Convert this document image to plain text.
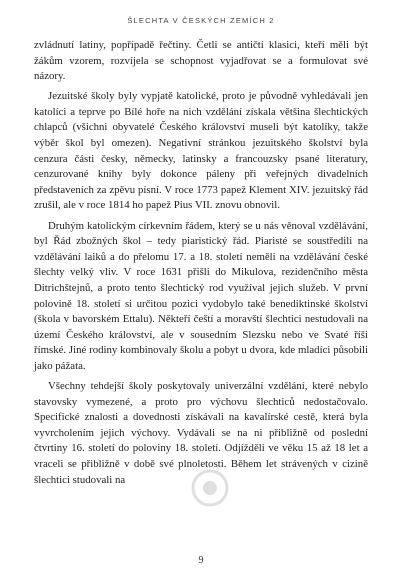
ŠLECHTA V ČESKÝCH ZEMÍCH 2

zvládnutí latiny, popřípadě řečtiny. Četli se antičtí klasici, kteří měli být žákům vzorem, rozvíjela se schopnost vyjadřovat se a formulovat své názory.

Jezuitské školy byly vypjatě katolické, proto je původně vyhledávali jen katolíci a teprve po Bílé hoře na nich vzdělání získala většina šlechtických chlapců (všichni obyvatelé Českého království museli být katolíky, takže výběr škol byl omezen). Negativní stránkou jezuitského školství byla cenzura části česky, německy, latinsky a francouzsky psané literatury, cenzurované knihy byly dokonce páleny při veřejných divadelních představeních za zpěvu písní. V roce 1773 papež Klement XIV. jezuitský řád zrušil, ale v roce 1814 ho papež Pius VII. znovu obnovil.

Druhým katolickým církevním řádem, který se u nás věnoval vzdělávání, byl Řád zbožných škol – tedy piaristický řád. Piaristé se soustředili na vzdělávání laiků a do přelomu 17. a 18. století neměli na vzdělávání české šlechty velký vliv. V roce 1631 přišli do Mikulova, rezidenčního města Ditrichštejnů, a proto tento šlechtický rod využíval jejich služeb. V první polovině 18. století si určitou pozici vydobylo také benediktinské školství (škola v bavorském Ettalu). Někteří čeští a moravští šlechtici nestudovali na území Českého království, ale v sousedním Slezsku nebo ve Svaté říši římské. Jiné rodiny kombinovaly školu a pobyt u dvora, kde mladíci působili jako pážata.

Všechny tehdejší školy poskytovaly univerzální vzdělání, které nebylo stavovsky vymezené, a proto pro výchovu šlechticů nedostačovalo. Specifické znalosti a dovednosti získávali na kavalírské cestě, která byla vyvrcholením jejich výchovy. Vydávali se na ni přibližně od poslední čtvrtiny 16. století do poloviny 18. století. Odjížděli ve věku 15 až 18 let a vraceli se přibližně v době své plnoletosti. Během let strávených v cizině šlechtici studovali na

9
